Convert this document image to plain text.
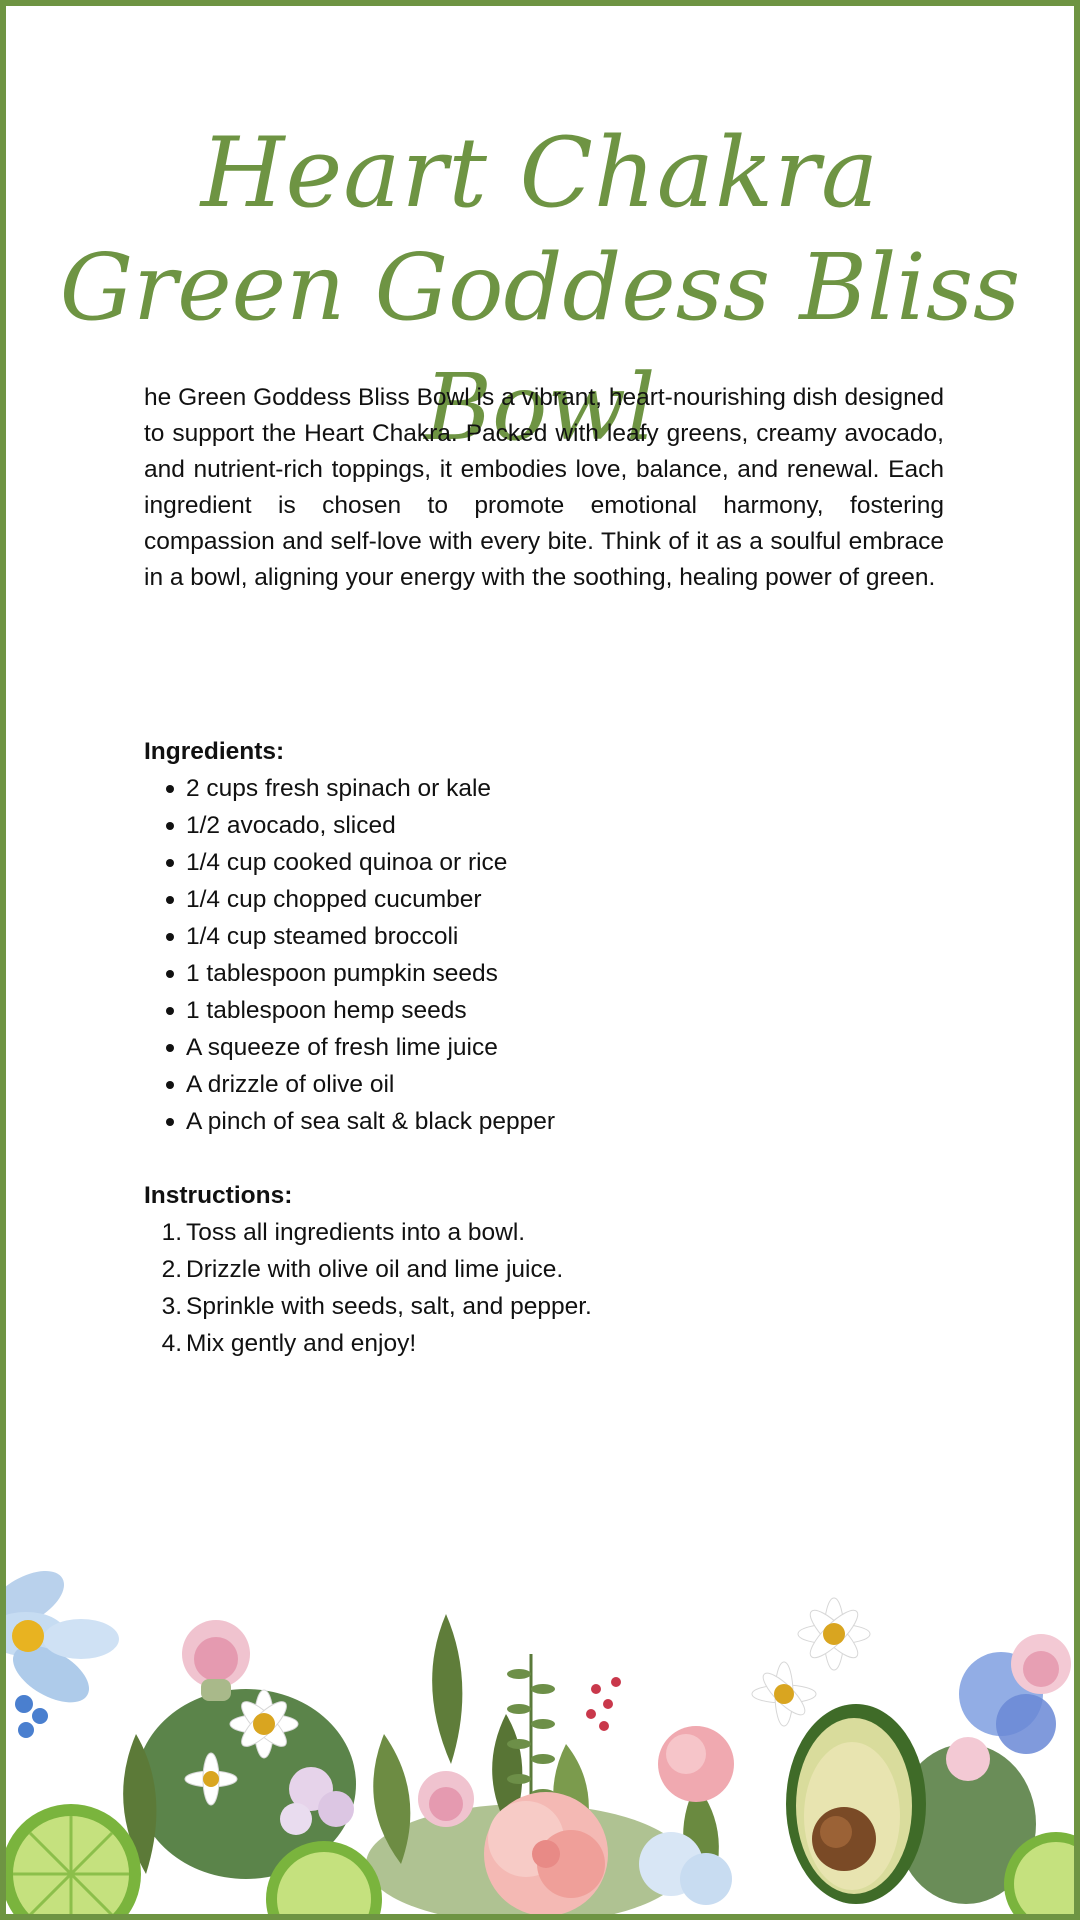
Heart Chakra
Green Goddess Bliss Bowl

he Green Goddess Bliss Bowl is a vibrant, heart-nourishing dish designed to support the Heart Chakra. Packed with leafy greens, creamy avocado, and nutrient-rich toppings, it embodies love, balance, and renewal. Each ingredient is chosen to promote emotional harmony, fostering compassion and self-love with every bite. Think of it as a soulful embrace in a bowl, aligning your energy with the soothing, healing power of green.

Ingredients:
2 cups fresh spinach or kale
1/2 avocado, sliced
1/4 cup cooked quinoa or rice
1/4 cup chopped cucumber
1/4 cup steamed broccoli
1 tablespoon pumpkin seeds
1 tablespoon hemp seeds
A squeeze of fresh lime juice
A drizzle of olive oil
A pinch of sea salt & black pepper
Instructions:
1. Toss all ingredients into a bowl.
2. Drizzle with olive oil and lime juice.
3. Sprinkle with seeds, salt, and pepper.
4. Mix gently and enjoy!
